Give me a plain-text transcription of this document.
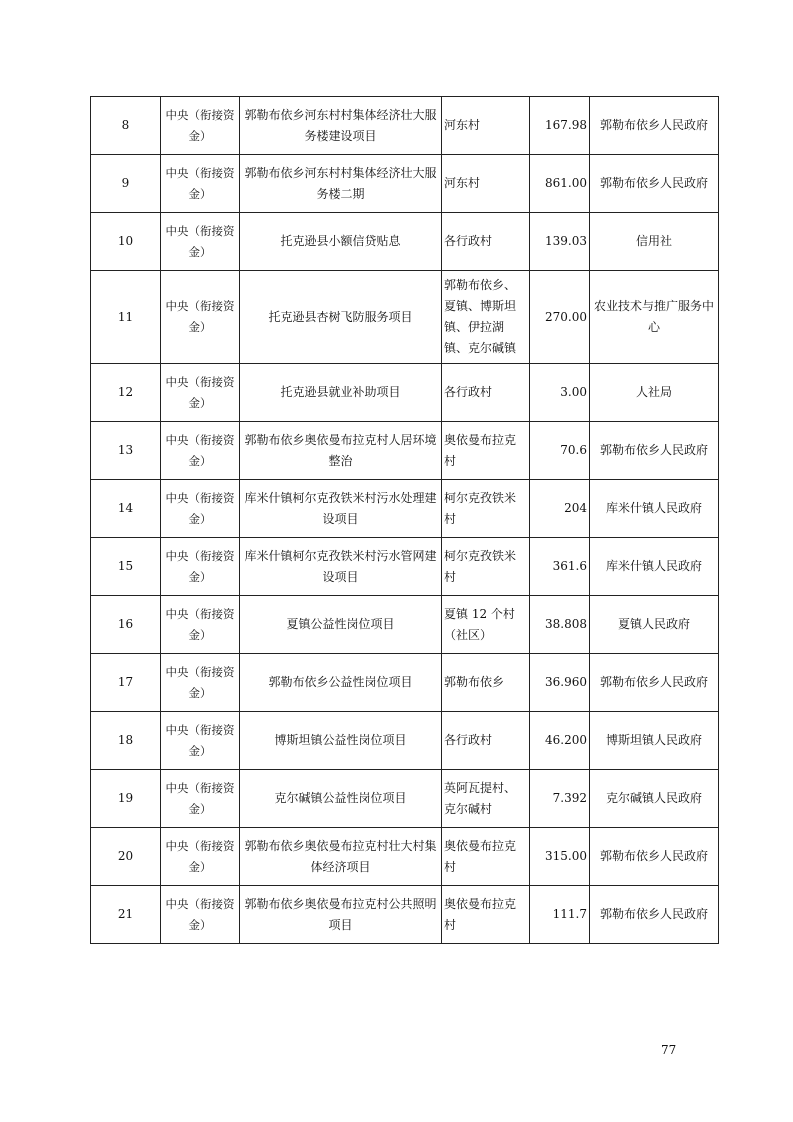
8	中央（衔接资金）	郭勒布依乡河东村村集体经济壮大服务楼建设项目	河东村	167.98	郭勒布依乡人民政府
9	中央（衔接资金）	郭勒布依乡河东村村集体经济壮大服务楼二期	河东村	861.00	郭勒布依乡人民政府
10	中央（衔接资金）	托克逊县小额信贷贴息	各行政村	139.03	信用社
11	中央（衔接资金）	托克逊县杏树飞防服务项目	郭勒布依乡、夏镇、博斯坦镇、伊拉湖镇、克尔碱镇	270.00	农业技术与推广服务中心
12	中央（衔接资金）	托克逊县就业补助项目	各行政村	3.00	人社局
13	中央（衔接资金）	郭勒布依乡奥依曼布拉克村人居环境整治	奥依曼布拉克村	70.6	郭勒布依乡人民政府
14	中央（衔接资金）	库米什镇柯尔克孜铁米村污水处理建设项目	柯尔克孜铁米村	204	库米什镇人民政府
15	中央（衔接资金）	库米什镇柯尔克孜铁米村污水管网建设项目	柯尔克孜铁米村	361.6	库米什镇人民政府
16	中央（衔接资金）	夏镇公益性岗位项目	夏镇 12 个村（社区）	38.808	夏镇人民政府
17	中央（衔接资金）	郭勒布依乡公益性岗位项目	郭勒布依乡	36.960	郭勒布依乡人民政府
18	中央（衔接资金）	博斯坦镇公益性岗位项目	各行政村	46.200	博斯坦镇人民政府
19	中央（衔接资金）	克尔碱镇公益性岗位项目	英阿瓦提村、克尔碱村	7.392	克尔碱镇人民政府
20	中央（衔接资金）	郭勒布依乡奥依曼布拉克村壮大村集体经济项目	奥依曼布拉克村	315.00	郭勒布依乡人民政府
21	中央（衔接资金）	郭勒布依乡奥依曼布拉克村公共照明项目	奥依曼布拉克村	111.7	郭勒布依乡人民政府
77
